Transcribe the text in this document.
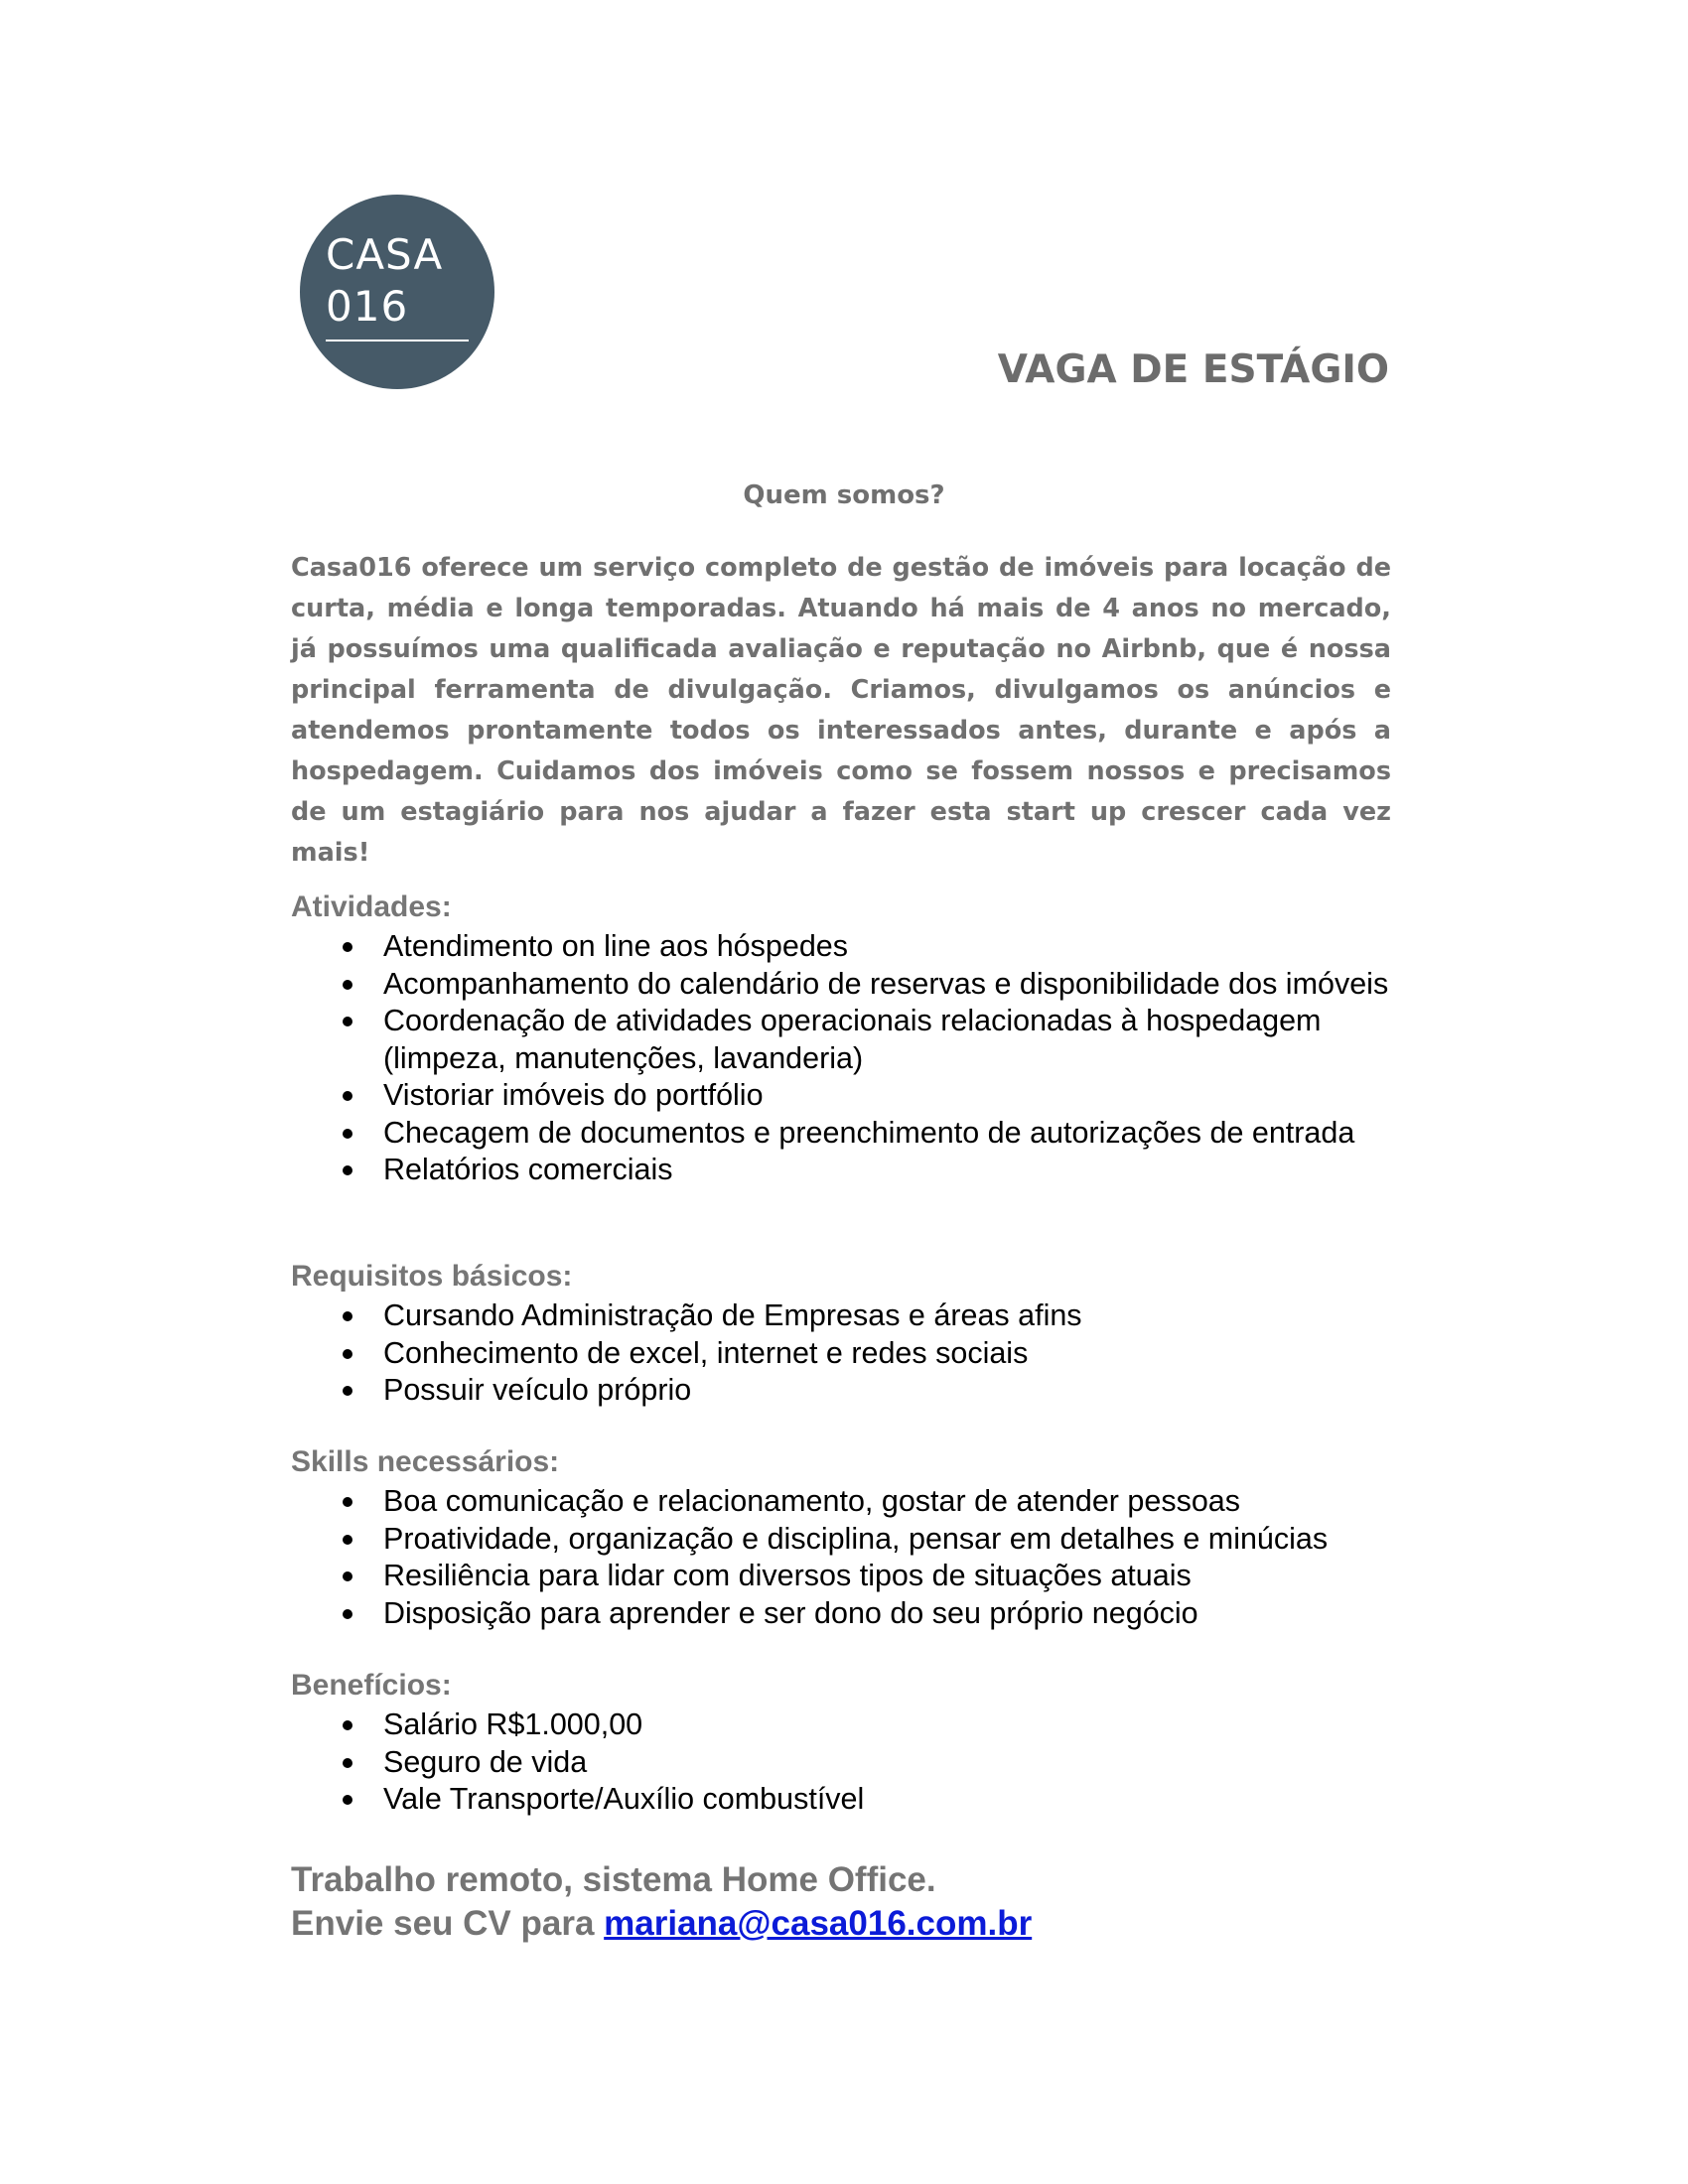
CASA
016
VAGA DE ESTÁGIO
Quem somos?

Casa016 oferece um serviço completo de gestão de imóveis para locação de curta, média e longa temporadas. Atuando há mais de 4 anos no mercado, já possuímos uma qualificada avaliação e reputação no Airbnb, que é nossa principal ferramenta de divulgação. Criamos, divulgamos os anúncios e atendemos prontamente todos os interessados antes, durante e após a hospedagem. Cuidamos dos imóveis como se fossem nossos e precisamos de um estagiário para nos ajudar a fazer esta start up crescer cada vez mais!

Atividades:
Atendimento on line aos hóspedes
Acompanhamento do calendário de reservas e disponibilidade dos imóveis
Coordenação de atividades operacionais relacionadas à hospedagem (limpeza, manutenções, lavanderia)
Vistoriar imóveis do portfólio
Checagem de documentos e preenchimento de autorizações de entrada
Relatórios comerciais
Requisitos básicos:
Cursando Administração de Empresas e áreas afins
Conhecimento de excel, internet e redes sociais
Possuir veículo próprio
Skills necessários:
Boa comunicação e relacionamento, gostar de atender pessoas
Proatividade, organização e disciplina, pensar em detalhes e minúcias
Resiliência para lidar com diversos tipos de situações atuais
Disposição para aprender e ser dono do seu próprio negócio
Benefícios:
Salário R$1.000,00
Seguro de vida
Vale Transporte/Auxílio combustível
Trabalho remoto, sistema Home Office.
Envie seu CV para mariana@casa016.com.br
